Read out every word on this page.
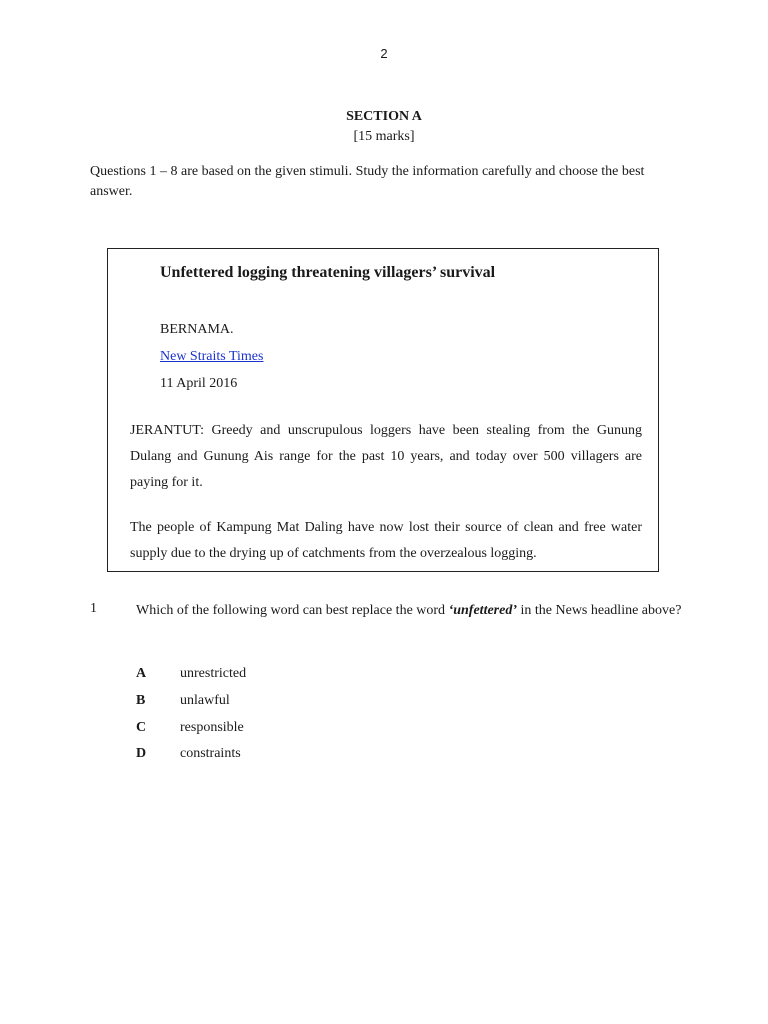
2
SECTION A
[15 marks]
Questions 1 – 8 are based on the given stimuli. Study the information carefully and choose the best answer.
Unfettered logging threatening villagers’ survival
BERNAMA.
New Straits Times
11 April 2016
JERANTUT: Greedy and unscrupulous loggers have been stealing from the Gunung Dulang and Gunung Ais range for the past 10 years, and today over 500 villagers are paying for it.
The people of Kampung Mat Daling have now lost their source of clean and free water supply due to the drying up of catchments from the overzealous logging.
1	Which of the following word can best replace the word ‘unfettered’ in the News headline above?
A unrestricted
B unlawful
C responsible
D constraints
